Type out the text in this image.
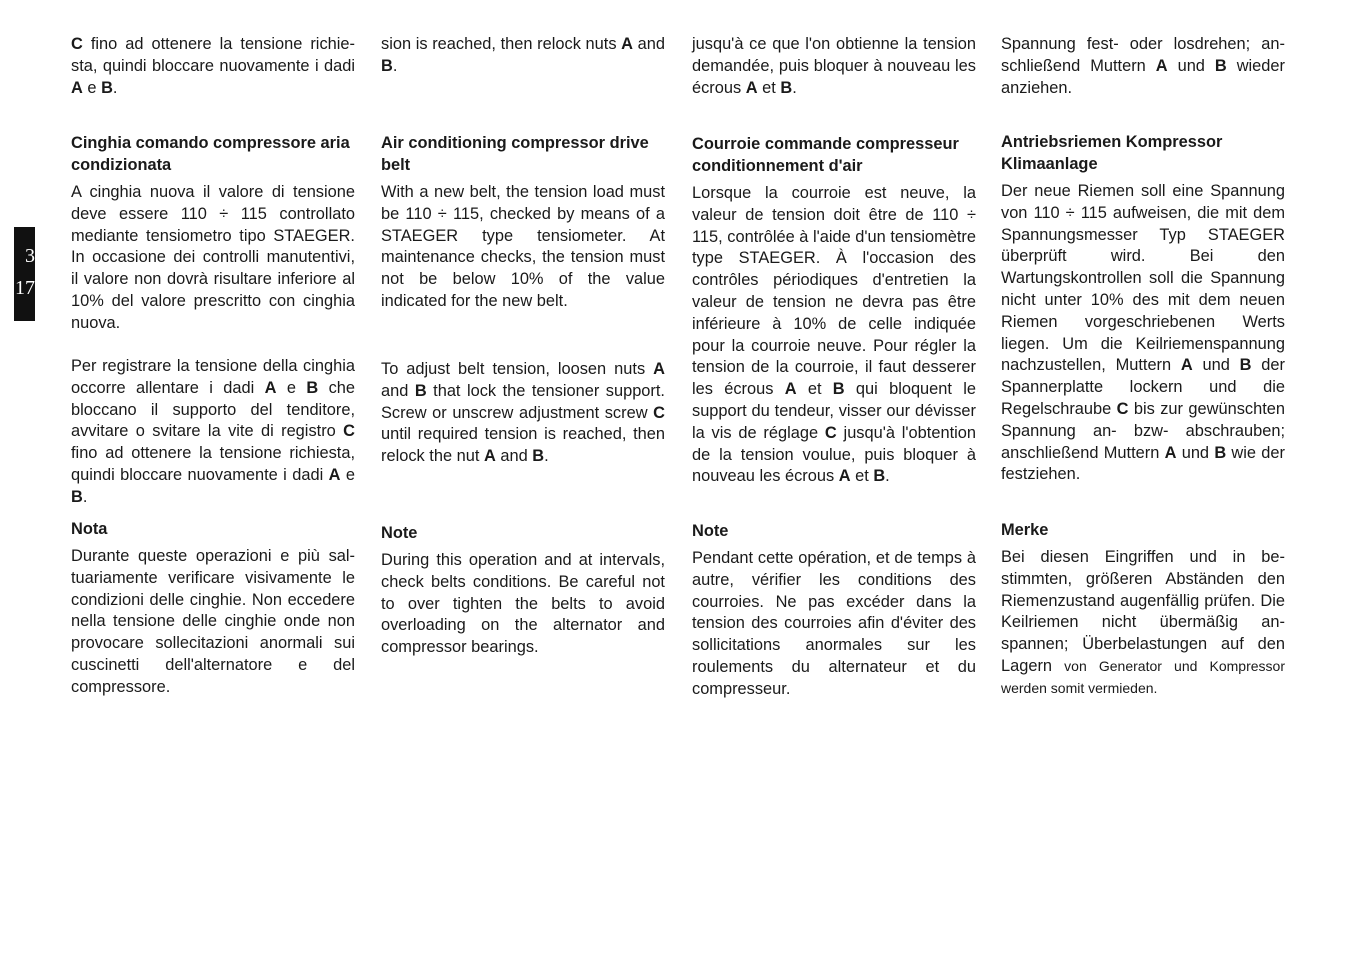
3
17

C fino ad ottenere la tensione richiesta, quindi bloccare nuovamente i dadi A e B.

Cinghia comando compressore aria condizionata

A cinghia nuova il valore di tensione deve essere 110 ÷ 115 controllato mediante tensiometro tipo STAEGER. In occasione dei controlli manutentivi, il valore non dovrà risultare inferiore al 10% del valore prescritto con cinghia nuova.

Per registrare la tensione della cinghia occorre allentare i dadi A e B che bloccano il supporto del tenditore, avvitare o svitare la vite di registro C fino ad ottenere la tensione richiesta, quindi bloccare nuovamente i dadi A e B.

Nota

Durante queste operazioni e più saltuariamente verificare visivamente le condizioni delle cinghie. Non eccedere nella tensione delle cinghie onde non provocare sollecitazioni anormali sui cuscinetti dell'alternatore e del compressore.

sion is reached, then relock nuts A and B.

Air conditioning compressor drive belt

With a new belt, the tension load must be 110 ÷ 115, checked by means of a STAEGER type tensiometer. At maintenance checks, the tension must not be below 10% of the value indicated for the new belt.

To adjust belt tension, loosen nuts A and B that lock the tensioner support. Screw or unscrew adjustment screw C until required tension is reached, then relock the nut A and B.

Note

During this operation and at intervals, check belts conditions. Be careful not to over tighten the belts to avoid overloading on the alternator and compressor bearings.

jusqu'à ce que l'on obtienne la tension demandée, puis bloquer à nouveau les écrous A et B.

Courroie commande compresseur conditionnement d'air

Lorsque la courroie est neuve, la valeur de tension doit être de 110 ÷ 115, contrôlée à l'aide d'un tensiomètre type STAEGER. À l'occasion des contrôles périodiques d'entretien la valeur de tension ne devra pas être inférieure à 10% de celle indiquée pour la courroie neuve. Pour régler la tension de la courroie, il faut desserer les écrous A et B qui bloquent le support du tendeur, visser our dévisser la vis de réglage C jusqu'à l'obtention de la tension voulue, puis bloquer à nouveau les écrous A et B.

Note

Pendant cette opération, et de temps à autre, vérifier les conditions des courroies. Ne pas excéder dans la tension des courroies afin d'éviter des sollicitations anormales sur les roulements du alternateur et du compresseur.

Spannung fest- oder losdrehen; anschließend Muttern A und B wieder anziehen.

Antriebsriemen Kompressor Klimaanlage

Der neue Riemen soll eine Spannung von 110 ÷ 115 aufweisen, die mit dem Spannungsmesser Typ STAEGER überprüft wird. Bei den Wartungskontrollen soll die Spannung nicht unter 10% des mit dem neuen Riemen vorgeschriebenen Werts liegen. Um die Keilriemenspannung nachzustellen, Muttern A und B der Spannerplatte lockern und die Regelschraube C bis zur gewünschten Spannung an- bzw- abschrauben; anschließend Muttern A und B wie der festziehen.

Merke

Bei diesen Eingriffen und in bestimmten, größeren Abständen den Riemenzustand augenfällig prüfen. Die Keilriemen nicht übermäßig anspannen; Überbelastungen auf den Lagern von Generator und Kompressor werden somit vermieden.
